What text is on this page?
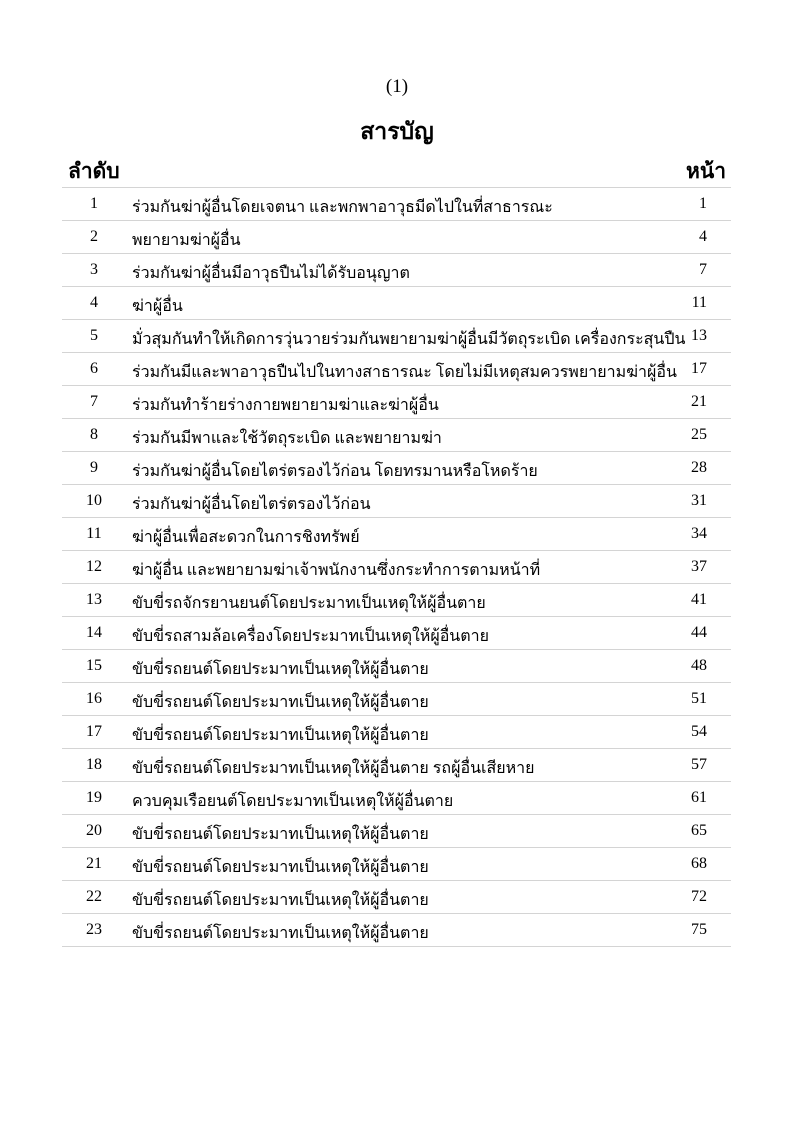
(1)
สารบัญ
ลำดับ	หน้า
1	ร่วมกันฆ่าผู้อื่นโดยเจตนา และพกพาอาวุธมีดไปในที่สาธารณะ	1
2	พยายามฆ่าผู้อื่น	4
3	ร่วมกันฆ่าผู้อื่นมีอาวุธปืนไม่ได้รับอนุญาต	7
4	ฆ่าผู้อื่น	11
5	มั่วสุมกันทำให้เกิดการวุ่นวายร่วมกันพยายามฆ่าผู้อื่นมีวัตถุระเบิด เครื่องกระสุนปืน 13
6	ร่วมกันมีและพาอาวุธปืนไปในทางสาธารณะ โดยไม่มีเหตุสมควรพยายามฆ่าผู้อื่น 17
7	ร่วมกันทำร้ายร่างกายพยายามฆ่าและฆ่าผู้อื่น	21
8	ร่วมกันมีพาและใช้วัตถุระเบิด และพยายามฆ่า	25
9	ร่วมกันฆ่าผู้อื่นโดยไตร่ตรองไว้ก่อน โดยทรมานหรือโหดร้าย	28
10	ร่วมกันฆ่าผู้อื่นโดยไตร่ตรองไว้ก่อน	31
11	ฆ่าผู้อื่นเพื่อสะดวกในการชิงทรัพย์	34
12	ฆ่าผู้อื่น และพยายามฆ่าเจ้าพนักงานซึ่งกระทำการตามหน้าที่	37
13	ขับขี่รถจักรยานยนต์โดยประมาทเป็นเหตุให้ผู้อื่นตาย	41
14	ขับขี่รถสามล้อเครื่องโดยประมาทเป็นเหตุให้ผู้อื่นตาย	44
15	ขับขี่รถยนต์โดยประมาทเป็นเหตุให้ผู้อื่นตาย	48
16	ขับขี่รถยนต์โดยประมาทเป็นเหตุให้ผู้อื่นตาย	51
17	ขับขี่รถยนต์โดยประมาทเป็นเหตุให้ผู้อื่นตาย	54
18	ขับขี่รถยนต์โดยประมาทเป็นเหตุให้ผู้อื่นตาย รถผู้อื่นเสียหาย	57
19	ควบคุมเรือยนต์โดยประมาทเป็นเหตุให้ผู้อื่นตาย	61
20	ขับขี่รถยนต์โดยประมาทเป็นเหตุให้ผู้อื่นตาย	65
21	ขับขี่รถยนต์โดยประมาทเป็นเหตุให้ผู้อื่นตาย	68
22	ขับขี่รถยนต์โดยประมาทเป็นเหตุให้ผู้อื่นตาย	72
23	ขับขี่รถยนต์โดยประมาทเป็นเหตุให้ผู้อื่นตาย	75
